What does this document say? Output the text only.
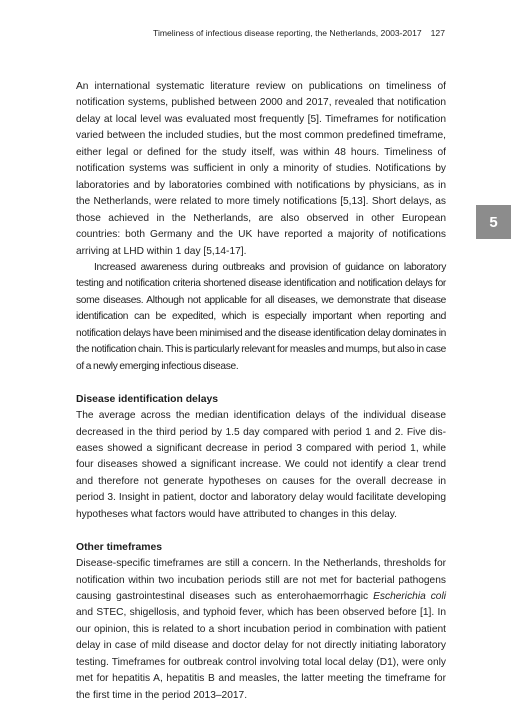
Timeliness of infectious disease reporting, the Netherlands, 2003-2017 127
5

An international systematic literature review on publications on timeliness of notification systems, published between 2000 and 2017, revealed that notification delay at local level was evaluated most frequently [5]. Timeframes for notification varied between the included studies, but the most common predefined timeframe, either legal or defined for the study itself, was within 48 hours. Timeliness of notification systems was sufficient in only a minority of studies. Notifications by laboratories and by laboratories combined with notifications by physicians, as in the Netherlands, were related to more timely notifications [5,13]. Short delays, as those achieved in the Netherlands, are also observed in other European countries: both Germany and the UK have reported a majority of notifications arriving at LHD within 1 day [5,14-17].

Increased awareness during outbreaks and provision of guidance on laboratory testing and notification criteria shortened disease identification and notification delays for some diseases. Although not applicable for all diseases, we demonstrate that disease identification can be expedited, which is especially important when reporting and notification delays have been minimised and the disease identification delay dominates in the notification chain. This is particularly relevant for measles and mumps, but also in case of a newly emerging infectious disease.

Disease identification delays

The average across the median identification delays of the individual disease decreased in the third period by 1.5 day compared with period 1 and 2. Five diseases showed a significant decrease in period 3 compared with period 1, while four diseases showed a significant increase. We could not identify a clear trend and therefore not generate hypotheses on causes for the overall decrease in period 3. Insight in patient, doctor and laboratory delay would facilitate developing hypotheses what factors would have attributed to changes in this delay.

Other timeframes

Disease-specific timeframes are still a concern. In the Netherlands, thresholds for notification within two incubation periods still are not met for bacterial pathogens causing gastrointestinal diseases such as enterohaemorrhagic Escherichia coli and STEC, shigellosis, and typhoid fever, which has been observed before [1]. In our opinion, this is related to a short incubation period in combination with patient delay in case of mild disease and doctor delay for not directly initiating laboratory testing. Timeframes for outbreak control involving total local delay (D1), were only met for hepatitis A, hepatitis B and measles, the latter meeting the timeframe for the first time in the period 2013–2017.
